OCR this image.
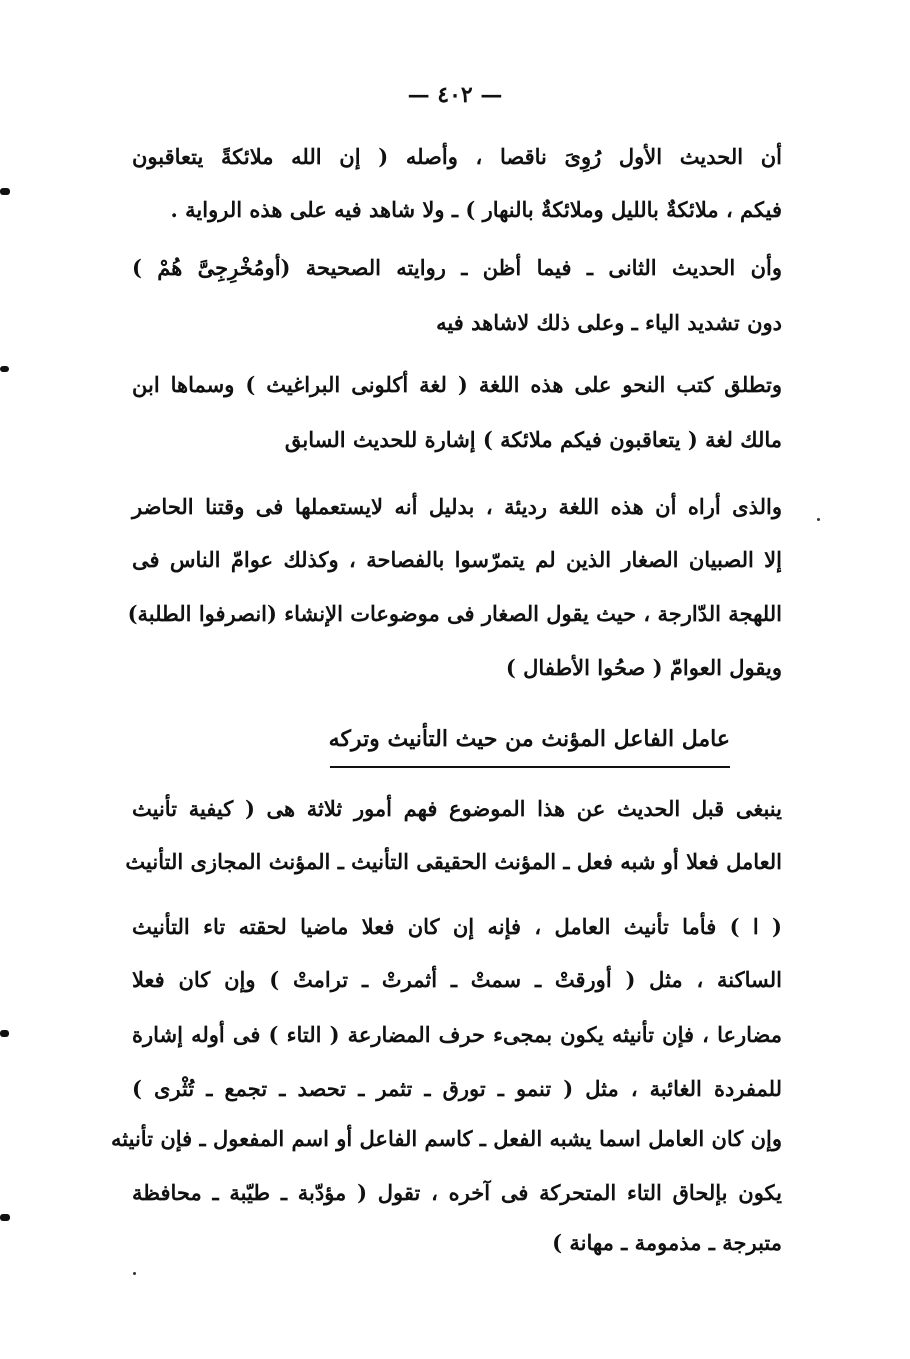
— ٤٠٢ —
أن الحديث الأول رُوِىَ ناقصا ، وأصله ( إن الله ملائكةً يتعاقبون
فيكم ، ملائكةٌ بالليل وملائكةٌ بالنهار ) ـ ولا شاهد فيه على هذه الرواية .
وأن الحديث الثانى ـ فيما أظن ـ روايته الصحيحة (أومُخْرِجِىَّ هُمْ )
دون تشديد الياء ـ وعلى ذلك لاشاهد فيه
وتطلق كتب النحو على هذه اللغة ( لغة أكلونى البراغيث ) وسماها ابن
مالك لغة ( يتعاقبون فيكم ملائكة ) إشارة للحديث السابق
والذى أراه أن هذه اللغة رديئة ، بدليل أنه لايستعملها فى وقتنا الحاضر
إلا الصبيان الصغار الذين لم يتمرّسوا بالفصاحة ، وكذلك عوامّ الناس فى
اللهجة الدّارجة ، حيث يقول الصغار فى موضوعات الإنشاء (انصرفوا الطلبة)
ويقول العوامّ ( صحُوا الأطفال )
عامل الفاعل المؤنث من حيث التأنيث وتركه
ينبغى قبل الحديث عن هذا الموضوع فهم أمور ثلاثة هى ( كيفية تأنيث
العامل فعلا أو شبه فعل ـ المؤنث الحقيقى التأنيث ـ المؤنث المجازى التأنيث
( ا ) فأما تأنيث العامل ، فإنه إن كان فعلا ماضيا لحقته تاء التأنيث
الساكنة ، مثل ( أورقتْ ـ سمتْ ـ أثمرتْ ـ ترامتْ ) وإن كان فعلا
مضارعا ، فإن تأنيثه يكون بمجىء حرف المضارعة ( التاء ) فى أوله إشارة
للمفردة الغائبة ، مثل ( تنمو ـ تورق ـ تثمر ـ تحصد ـ تجمع ـ تُثْرى )
وإن كان العامل اسما يشبه الفعل ـ كاسم الفاعل أو اسم المفعول ـ فإن تأنيثه
يكون بإلحاق التاء المتحركة فى آخره ، تقول ( مؤدّبة ـ طيّبة ـ محافظة
متبرجة ـ مذمومة ـ مهانة )
